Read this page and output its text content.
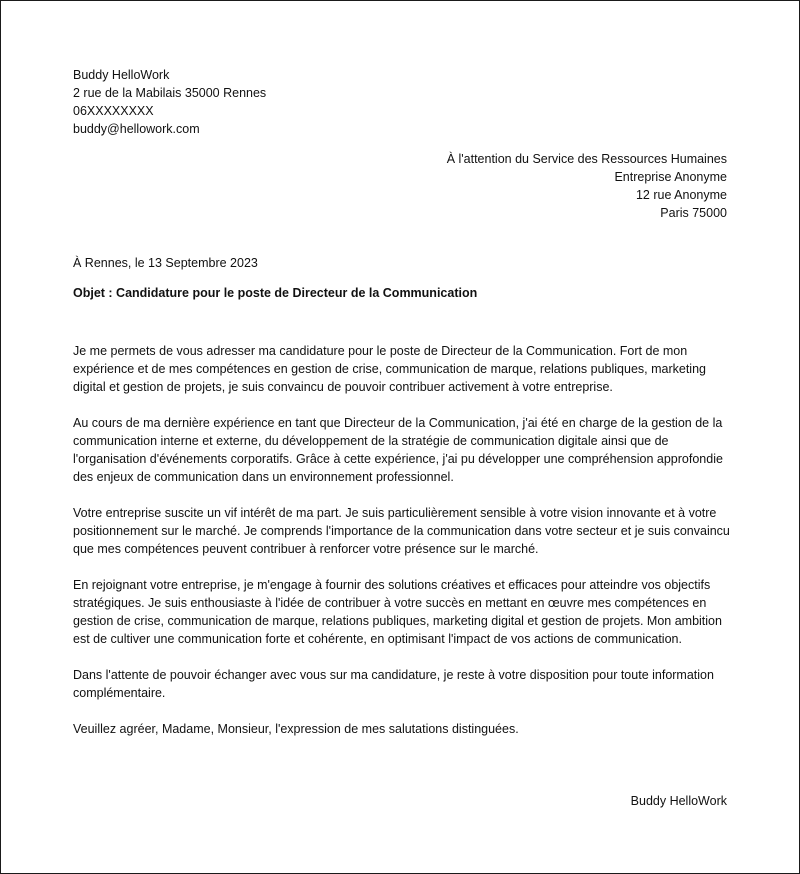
Buddy HelloWork
2 rue de la Mabilais 35000 Rennes
06XXXXXXXX
buddy@hellowork.com
À l'attention du Service des Ressources Humaines
Entreprise Anonyme
12 rue Anonyme
Paris 75000
À Rennes, le 13 Septembre 2023
Objet : Candidature pour le poste de Directeur de la Communication

Je me permets de vous adresser ma candidature pour le poste de Directeur de la Communication. Fort de mon expérience et de mes compétences en gestion de crise, communication de marque, relations publiques, marketing digital et gestion de projets, je suis convaincu de pouvoir contribuer activement à votre entreprise.

Au cours de ma dernière expérience en tant que Directeur de la Communication, j'ai été en charge de la gestion de la communication interne et externe, du développement de la stratégie de communication digitale ainsi que de l'organisation d'événements corporatifs. Grâce à cette expérience, j'ai pu développer une compréhension approfondie des enjeux de communication dans un environnement professionnel.

Votre entreprise suscite un vif intérêt de ma part. Je suis particulièrement sensible à votre vision innovante et à votre positionnement sur le marché. Je comprends l'importance de la communication dans votre secteur et je suis convaincu que mes compétences peuvent contribuer à renforcer votre présence sur le marché.

En rejoignant votre entreprise, je m'engage à fournir des solutions créatives et efficaces pour atteindre vos objectifs stratégiques. Je suis enthousiaste à l'idée de contribuer à votre succès en mettant en œuvre mes compétences en gestion de crise, communication de marque, relations publiques, marketing digital et gestion de projets. Mon ambition est de cultiver une communication forte et cohérente, en optimisant l'impact de vos actions de communication.

Dans l'attente de pouvoir échanger avec vous sur ma candidature, je reste à votre disposition pour toute information complémentaire.

Veuillez agréer, Madame, Monsieur, l'expression de mes salutations distinguées.

Buddy HelloWork
